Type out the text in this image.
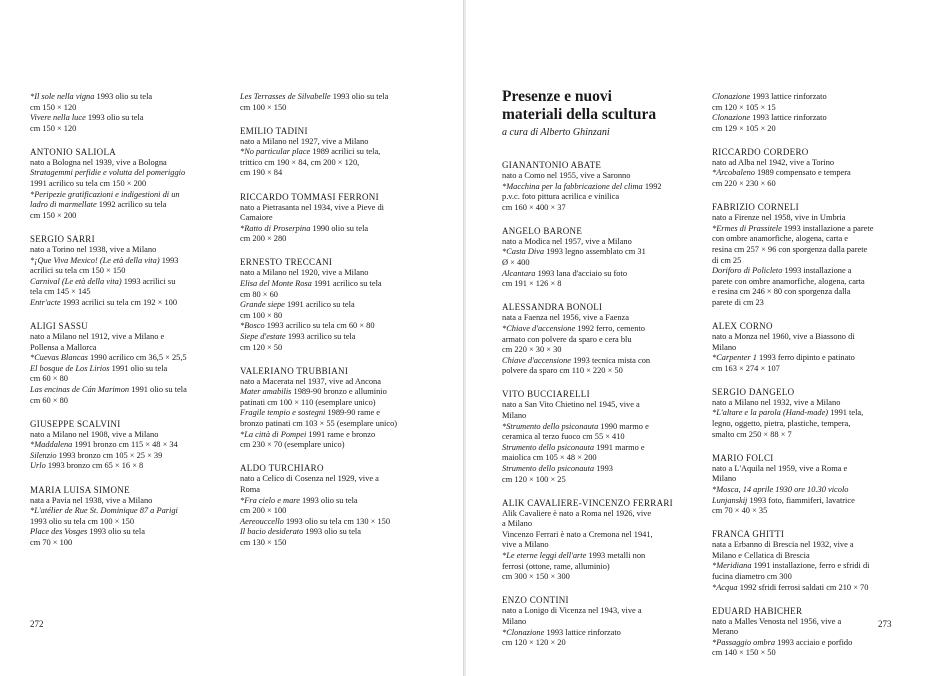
*Il sole nella vigna 1993 olio su tela
cm 150 × 120
Vivere nella luce 1993 olio su tela
cm 150 × 120
ANTONIO SALIOLA
nato a Bologna nel 1939, vive a Bologna
Stratagemmi perfidie e volutta del pomeriggio
1991 acrilico su tela cm 150 × 200
*Peripezie gratificazioni e indigestioni di un
ladro di marmellate 1992 acrilico su tela
cm 150 × 200
SERGIO SARRI
nato a Torino nel 1938, vive a Milano
*¡Que Viva Mexico! (Le età della vita) 1993
acrilici su tela cm 150 × 150
Carnival (Le età della vita) 1993 acrilici su
tela cm 145 × 145
Entr'acte 1993 acrilici su tela cm 192 × 100
ALIGI SASSU
nato a Milano nel 1912, vive a Milano e
Pollensa a Mallorca
*Cuevas Blancas 1990 acrilico cm 36,5 × 25,5
El bosque de Los Lirios 1991 olio su tela
cm 60 × 80
Las encinas de Cán Marimon 1991 olio su tela
cm 60 × 80
GIUSEPPE SCALVINI
nato a Milano nel 1908, vive a Milano
*Maddalena 1991 bronzo cm 115 × 48 × 34
Silenzio 1993 bronzo cm 105 × 25 × 39
Urlo 1993 bronzo cm 65 × 16 × 8
MARIA LUISA SIMONE
nata a Pavia nel 1938, vive a Milano
*L'atélier de Rue St. Dominique 87 a Parigi
1993 olio su tela cm 100 × 150
Place des Vosges 1993 olio su tela
cm 70 × 100
Les Terrasses de Silvabelle 1993 olio su tela
cm 100 × 150
EMILIO TADINI
nato a Milano nel 1927, vive a Milano
*No particular place 1989 acrilici su tela,
trittico cm 190 × 84, cm 200 × 120,
cm 190 × 84
RICCARDO TOMMASI FERRONI
nato a Pietrasanta nel 1934, vive a Pieve di
Camaiore
*Ratto di Proserpina 1990 olio su tela
cm 200 × 280
ERNESTO TRECCANI
nato a Milano nel 1920, vive a Milano
Elisa del Monte Rosa 1991 acrilico su tela
cm 80 × 60
Grande siepe 1991 acrilico su tela
cm 100 × 80
*Bosco 1993 acrilico su tela cm 60 × 80
Siepe d'estate 1993 acrilico su tela
cm 120 × 50
VALERIANO TRUBBIANI
nato a Macerata nel 1937, vive ad Ancona
Mater amabilis 1989-90 bronzo e alluminio
patinati cm 100 × 110 (esemplare unico)
Fragile tempio e sostegni 1989-90 rame e
bronzo patinati cm 103 × 55 (esemplare unico)
*La città di Pompei 1991 rame e bronzo
cm 230 × 70 (esemplare unico)
ALDO TURCHIARO
nato a Celico di Cosenza nel 1929, vive a
Roma
*Fra cielo e mare 1993 olio su tela
cm 200 × 100
Aereouccello 1993 olio su tela cm 130 × 150
Il bacio desiderato 1993 olio su tela
cm 130 × 150
272
Presenze e nuovi
materiali della scultura
a cura di Alberto Ghinzani
GIANANTONIO ABATE
nato a Como nel 1955, vive a Saronno
*Macchina per la fabbricazione del clima 1992
p.v.c. foto pittura acrilica e vinilica
cm 160 × 400 × 37
ANGELO BARONE
nato a Modica nel 1957, vive a Milano
*Casta Diva 1993 legno assemblato cm 31
Ø × 400
Alcantara 1993 lana d'acciaio su foto
cm 191 × 126 × 8
ALESSANDRA BONOLI
nata a Faenza nel 1956, vive a Faenza
*Chiave d'accensione 1992 ferro, cemento
armato con polvere da sparo e cera blu
cm 220 × 30 × 30
Chiave d'accensione 1993 tecnica mista con
polvere da sparo cm 110 × 220 × 50
VITO BUCCIARELLI
nato a San Vito Chietino nel 1945, vive a
Milano
*Strumento dello psiconauta 1990 marmo e
ceramica al terzo fuoco cm 55 × 410
Strumento dello psiconauta 1991 marmo e
maiolica cm 105 × 48 × 200
Strumento dello psiconauta 1993
cm 120 × 100 × 25
ALIK CAVALIERE-VINCENZO FERRARI
Alik Cavaliere è nato a Roma nel 1926, vive
a Milano
Vincenzo Ferrari è nato a Cremona nel 1941,
vive a Milano
*Le eterne leggi dell'arte 1993 metalli non
ferrosi (ottone, rame, alluminio)
cm 300 × 150 × 300
ENZO CONTINI
nato a Lonigo di Vicenza nel 1943, vive a
Milano
*Clonazione 1993 lattice rinforzato
cm 120 × 120 × 20
Clonazione 1993 lattice rinforzato
cm 120 × 105 × 15
Clonazione 1993 lattice rinforzato
cm 129 × 105 × 20
RICCARDO CORDERO
nato ad Alba nel 1942, vive a Torino
*Arcobaleno 1989 compensato e tempera
cm 220 × 230 × 60
FABRIZIO CORNELI
nato a Firenze nel 1958, vive in Umbria
*Ermes di Prassitele 1993 installazione a parete
con ombre anamorfiche, alogena, carta e
resina cm 257 × 96 con sporgenza dalla parete
di cm 25
Doriforo di Policleto 1993 installazione a
parete con ombre anamorfiche, alogena, carta
e resina cm 246 × 80 con sporgenza dalla
parete di cm 23
ALEX CORNO
nato a Monza nel 1960, vive a Biassono di
Milano
*Carpenter 1 1993 ferro dipinto e patinato
cm 163 × 274 × 107
SERGIO DANGELO
nato a Milano nel 1932, vive a Milano
*L'altare e la parola (Hand-made) 1991 tela,
legno, oggetto, pietra, plastiche, tempera,
smalto cm 250 × 88 × 7
MARIO FOLCI
nato a L'Aquila nel 1959, vive a Roma e
Milano
*Mosca, 14 aprile 1930 ore 10.30 vicolo
Lunjanskij 1993 foto, fiammiferi, lavatrice
cm 70 × 40 × 35
FRANCA GHITTI
nata a Erbanno di Brescia nel 1932, vive a
Milano e Cellatica di Brescia
*Meridiana 1991 installazione, ferro e sfridi di
fucina diametro cm 300
*Acqua 1992 sfridi ferrosi saldati cm 210 × 70
EDUARD HABICHER
nato a Malles Venosta nel 1956, vive a
Merano
*Passaggio ombra 1993 acciaio e porfido
cm 140 × 150 × 50
273
